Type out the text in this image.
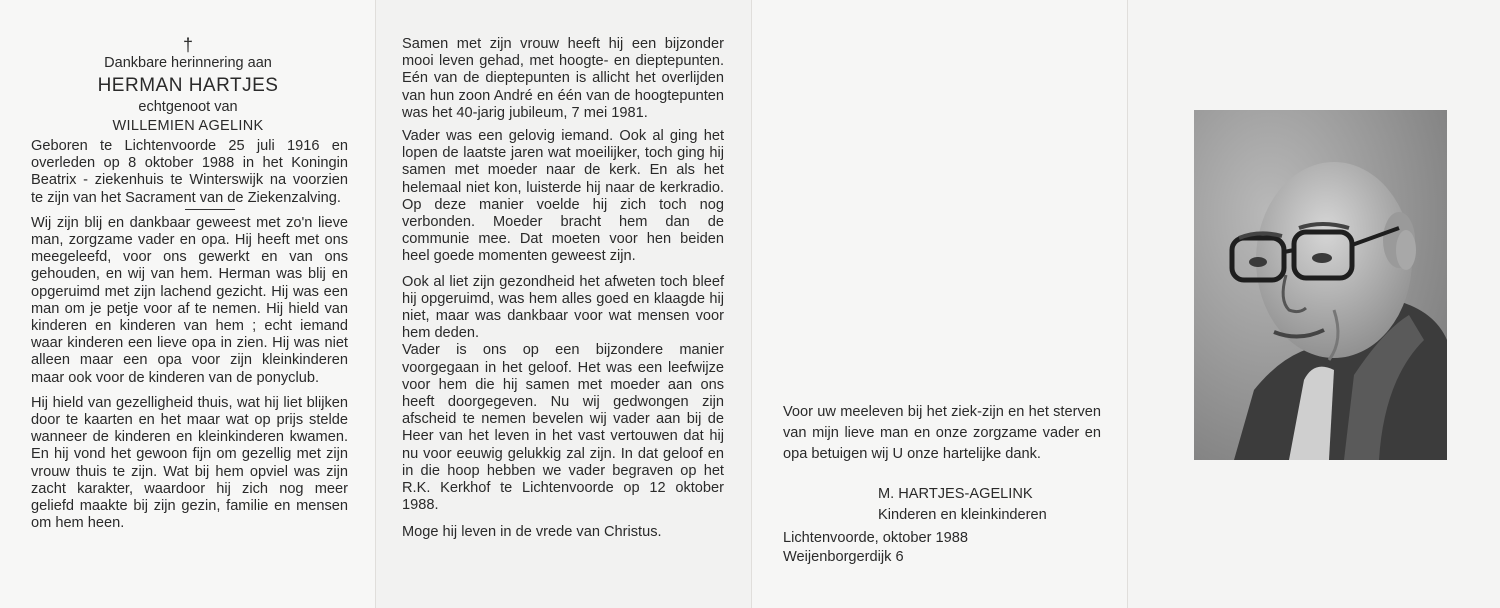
†
Dankbare herinnering aan
HERMAN HARTJES
echtgenoot van
WILLEMIEN AGELINK

Geboren te Lichtenvoorde 25 juli 1916 en overleden op 8 oktober 1988 in het Koningin Beatrix - ziekenhuis te Winterswijk na voorzien te zijn van het Sacrament van de Ziekenzalving.

Wij zijn blij en dankbaar geweest met zo'n lieve man, zorgzame vader en opa. Hij heeft met ons meegeleefd, voor ons gewerkt en van ons gehouden, en wij van hem. Herman was blij en opgeruimd met zijn lachend gezicht. Hij was een man om je petje voor af te nemen. Hij hield van kinderen en kinderen van hem ; echt iemand waar kinderen een lieve opa in zien. Hij was niet alleen maar een opa voor zijn kleinkinderen maar ook voor de kinderen van de ponyclub.

Hij hield van gezelligheid thuis, wat hij liet blijken door te kaarten en het maar wat op prijs stelde wanneer de kinderen en kleinkinderen kwamen. En hij vond het gewoon fijn om gezellig met zijn vrouw thuis te zijn. Wat bij hem opviel was zijn zacht karakter, waardoor hij zich nog meer geliefd maakte bij zijn gezin, familie en mensen om hem heen.

Samen met zijn vrouw heeft hij een bijzonder mooi leven gehad, met hoogte- en dieptepunten. Eén van de dieptepunten is allicht het overlijden van hun zoon André en één van de hoogtepunten was het 40-jarig jubileum, 7 mei 1981.

Vader was een gelovig iemand. Ook al ging het lopen de laatste jaren wat moeilijker, toch ging hij samen met moeder naar de kerk. En als het helemaal niet kon, luisterde hij naar de kerkradio. Op deze manier voelde hij zich toch nog verbonden. Moeder bracht hem dan de communie mee. Dat moeten voor hen beiden heel goede momenten geweest zijn.

Ook al liet zijn gezondheid het afweten toch bleef hij opgeruimd, was hem alles goed en klaagde hij niet, maar was dankbaar voor wat mensen voor hem deden.

Vader is ons op een bijzondere manier voorgegaan in het geloof. Het was een leefwijze voor hem die hij samen met moeder aan ons heeft doorgegeven. Nu wij gedwongen zijn afscheid te nemen bevelen wij vader aan bij de Heer van het leven in het vast vertouwen dat hij nu voor eeuwig gelukkig zal zijn. In dat geloof en in die hoop hebben we vader begraven op het R.K. Kerkhof te Lichtenvoorde op 12 oktober 1988.

Moge hij leven in de vrede van Christus.

Voor uw meeleven bij het ziek-zijn en het sterven van mijn lieve man en onze zorgzame vader en opa betuigen wij U onze hartelijke dank.

M. HARTJES-AGELINK
Kinderen en kleinkinderen
Lichtenvoorde, oktober 1988
Weijenborgerdijk 6
